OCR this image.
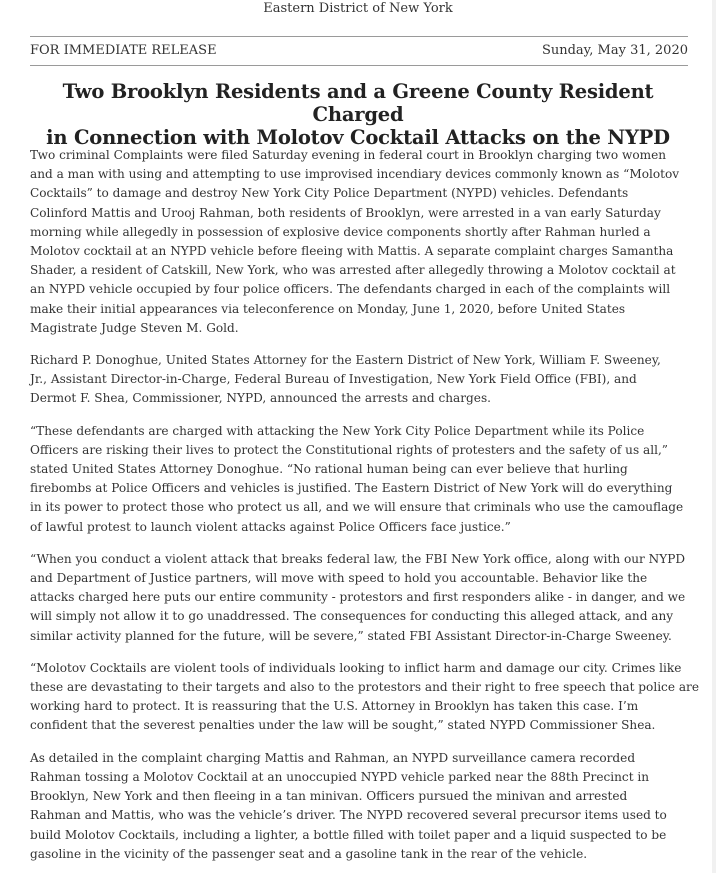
Eastern District of New York
FOR IMMEDIATE RELEASE	Sunday, May 31, 2020
Two Brooklyn Residents and a Greene County Resident Charged
in Connection with Molotov Cocktail Attacks on the NYPD

Two criminal Complaints were filed Saturday evening in federal court in Brooklyn charging two women
and a man with using and attempting to use improvised incendiary devices commonly known as “Molotov
Cocktails” to damage and destroy New York City Police Department (NYPD) vehicles. Defendants
Colinford Mattis and Urooj Rahman, both residents of Brooklyn, were arrested in a van early Saturday
morning while allegedly in possession of explosive device components shortly after Rahman hurled a
Molotov cocktail at an NYPD vehicle before fleeing with Mattis. A separate complaint charges Samantha
Shader, a resident of Catskill, New York, who was arrested after allegedly throwing a Molotov cocktail at
an NYPD vehicle occupied by four police officers. The defendants charged in each of the complaints will
make their initial appearances via teleconference on Monday, June 1, 2020, before United States
Magistrate Judge Steven M. Gold.

Richard P. Donoghue, United States Attorney for the Eastern District of New York, William F. Sweeney,
Jr., Assistant Director-in-Charge, Federal Bureau of Investigation, New York Field Office (FBI), and
Dermot F. Shea, Commissioner, NYPD, announced the arrests and charges.

“These defendants are charged with attacking the New York City Police Department while its Police
Officers are risking their lives to protect the Constitutional rights of protesters and the safety of us all,”
stated United States Attorney Donoghue. “No rational human being can ever believe that hurling
firebombs at Police Officers and vehicles is justified. The Eastern District of New York will do everything
in its power to protect those who protect us all, and we will ensure that criminals who use the camouflage
of lawful protest to launch violent attacks against Police Officers face justice.”

“When you conduct a violent attack that breaks federal law, the FBI New York office, along with our NYPD
and Department of Justice partners, will move with speed to hold you accountable. Behavior like the
attacks charged here puts our entire community - protestors and first responders alike - in danger, and we
will simply not allow it to go unaddressed. The consequences for conducting this alleged attack, and any
similar activity planned for the future, will be severe,” stated FBI Assistant Director-in-Charge Sweeney.

“Molotov Cocktails are violent tools of individuals looking to inflict harm and damage our city. Crimes like
these are devastating to their targets and also to the protestors and their right to free speech that police are
working hard to protect. It is reassuring that the U.S. Attorney in Brooklyn has taken this case. I’m
confident that the severest penalties under the law will be sought,” stated NYPD Commissioner Shea.

As detailed in the complaint charging Mattis and Rahman, an NYPD surveillance camera recorded
Rahman tossing a Molotov Cocktail at an unoccupied NYPD vehicle parked near the 88th Precinct in
Brooklyn, New York and then fleeing in a tan minivan. Officers pursued the minivan and arrested
Rahman and Mattis, who was the vehicle’s driver. The NYPD recovered several precursor items used to
build Molotov Cocktails, including a lighter, a bottle filled with toilet paper and a liquid suspected to be
gasoline in the vicinity of the passenger seat and a gasoline tank in the rear of the vehicle.
